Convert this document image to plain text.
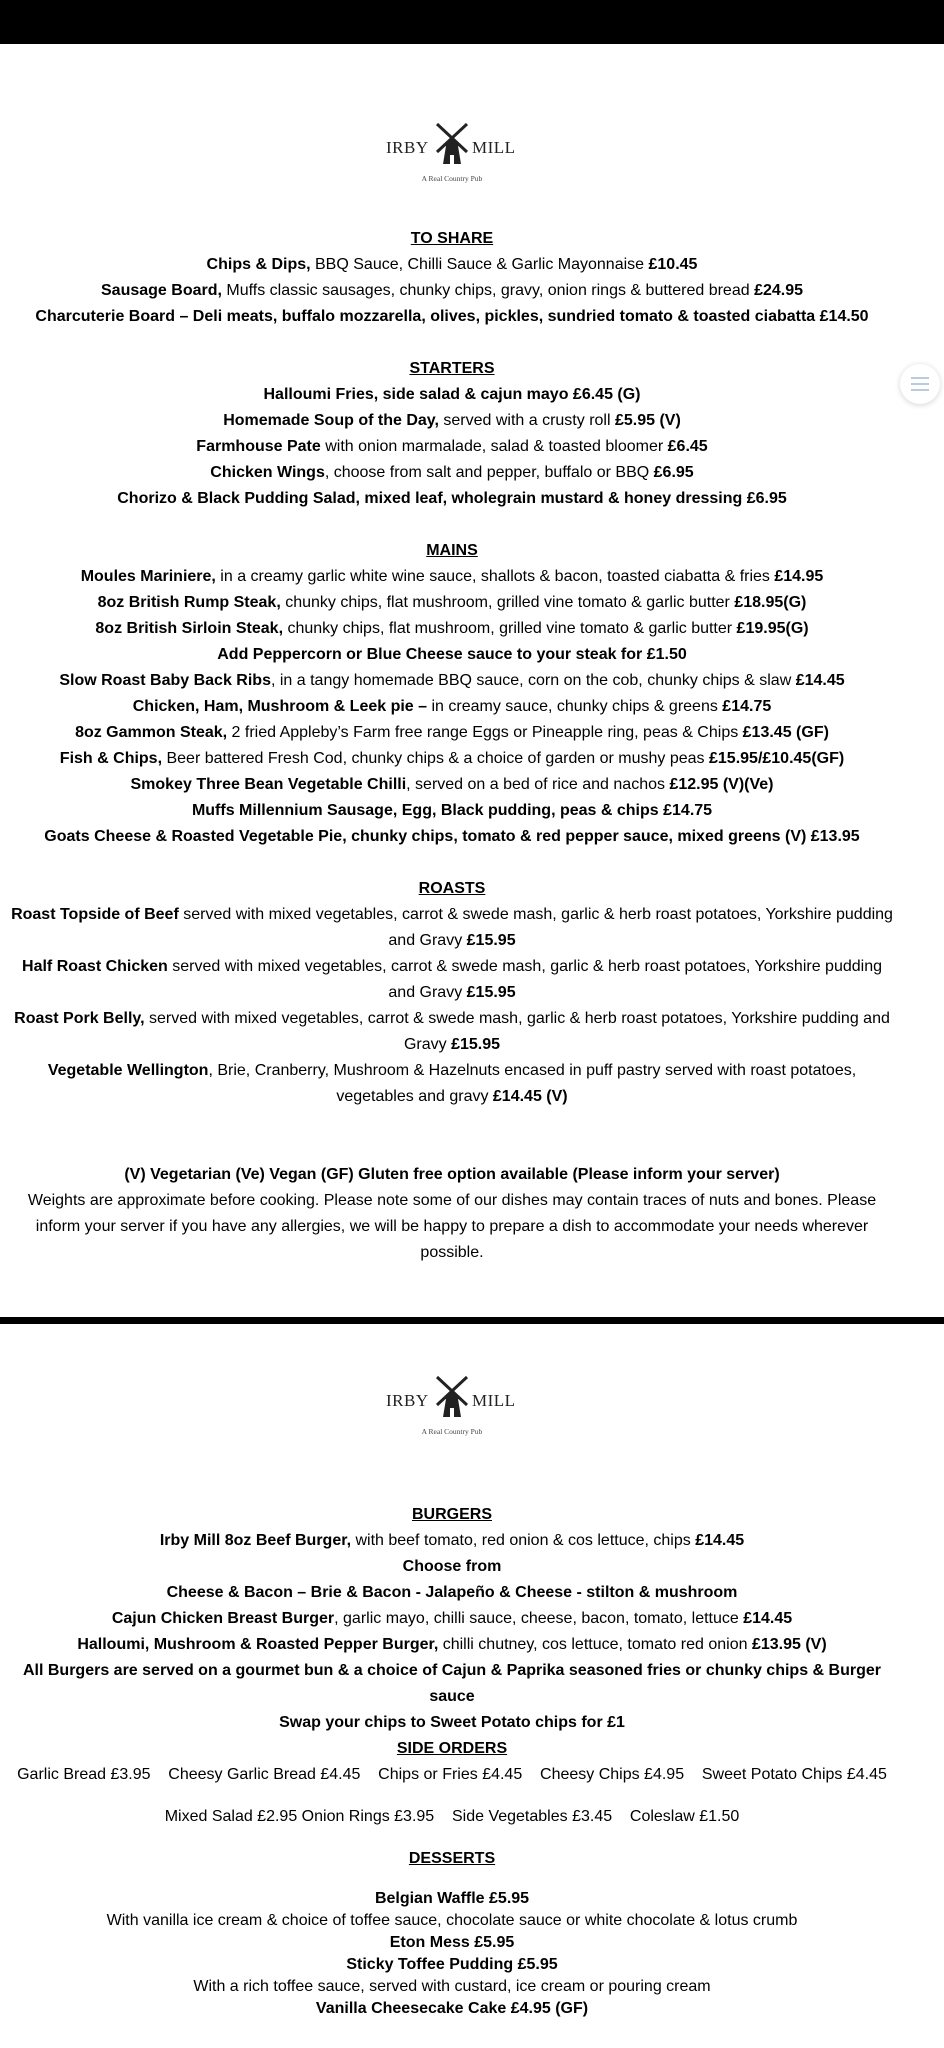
IRBY	MILL
A Real Country Pub
TO SHARE
Chips & Dips, BBQ Sauce, Chilli Sauce & Garlic Mayonnaise £10.45
Sausage Board, Muffs classic sausages, chunky chips, gravy, onion rings & buttered bread £24.95
Charcuterie Board – Deli meats, buffalo mozzarella, olives, pickles, sundried tomato & toasted ciabatta £14.50
STARTERS
Halloumi Fries, side salad & cajun mayo £6.45 (G)
Homemade Soup of the Day, served with a crusty roll £5.95 (V)
Farmhouse Pate with onion marmalade, salad & toasted bloomer £6.45
Chicken Wings, choose from salt and pepper, buffalo or BBQ £6.95
Chorizo & Black Pudding Salad, mixed leaf, wholegrain mustard & honey dressing £6.95
MAINS
Moules Mariniere, in a creamy garlic white wine sauce, shallots & bacon, toasted ciabatta & fries £14.95
8oz British Rump Steak, chunky chips, flat mushroom, grilled vine tomato & garlic butter £18.95(G)
8oz British Sirloin Steak, chunky chips, flat mushroom, grilled vine tomato & garlic butter £19.95(G)
Add Peppercorn or Blue Cheese sauce to your steak for £1.50
Slow Roast Baby Back Ribs, in a tangy homemade BBQ sauce, corn on the cob, chunky chips & slaw £14.45
Chicken, Ham, Mushroom & Leek pie – in creamy sauce, chunky chips & greens £14.75
8oz Gammon Steak, 2 fried Appleby’s Farm free range Eggs or Pineapple ring, peas & Chips £13.45 (GF)
Fish & Chips, Beer battered Fresh Cod, chunky chips & a choice of garden or mushy peas £15.95/£10.45(GF)
Smokey Three Bean Vegetable Chilli, served on a bed of rice and nachos £12.95 (V)(Ve)
Muffs Millennium Sausage, Egg, Black pudding, peas & chips £14.75
Goats Cheese & Roasted Vegetable Pie, chunky chips, tomato & red pepper sauce, mixed greens (V) £13.95
ROASTS
Roast Topside of Beef served with mixed vegetables, carrot & swede mash, garlic & herb roast potatoes, Yorkshire pudding and Gravy £15.95
Half Roast Chicken served with mixed vegetables, carrot & swede mash, garlic & herb roast potatoes, Yorkshire pudding and Gravy £15.95
Roast Pork Belly, served with mixed vegetables, carrot & swede mash, garlic & herb roast potatoes, Yorkshire pudding and Gravy £15.95
Vegetable Wellington, Brie, Cranberry, Mushroom & Hazelnuts encased in puff pastry served with roast potatoes, vegetables and gravy £14.45 (V)
(V) Vegetarian (Ve) Vegan (GF) Gluten free option available (Please inform your server)
Weights are approximate before cooking. Please note some of our dishes may contain traces of nuts and bones. Please inform your server if you have any allergies, we will be happy to prepare a dish to accommodate your needs wherever possible.
IRBY	MILL
A Real Country Pub
BURGERS
Irby Mill 8oz Beef Burger, with beef tomato, red onion & cos lettuce, chips £14.45
Choose from
Cheese & Bacon – Brie & Bacon - Jalapeño & Cheese - stilton & mushroom
Cajun Chicken Breast Burger, garlic mayo, chilli sauce, cheese, bacon, tomato, lettuce £14.45
Halloumi, Mushroom & Roasted Pepper Burger, chilli chutney, cos lettuce, tomato red onion £13.95 (V)
All Burgers are served on a gourmet bun & a choice of Cajun & Paprika seasoned fries or chunky chips & Burger sauce
Swap your chips to Sweet Potato chips for £1
SIDE ORDERS
Garlic Bread £3.95    Cheesy Garlic Bread £4.45    Chips or Fries £4.45    Cheesy Chips £4.95    Sweet Potato Chips £4.45
Mixed Salad £2.95 Onion Rings £3.95    Side Vegetables £3.45    Coleslaw £1.50
DESSERTS
Belgian Waffle £5.95
With vanilla ice cream & choice of toffee sauce, chocolate sauce or white chocolate & lotus crumb
Eton Mess £5.95
Sticky Toffee Pudding £5.95
With a rich toffee sauce, served with custard, ice cream or pouring cream
Vanilla Cheesecake Cake £4.95 (GF)
